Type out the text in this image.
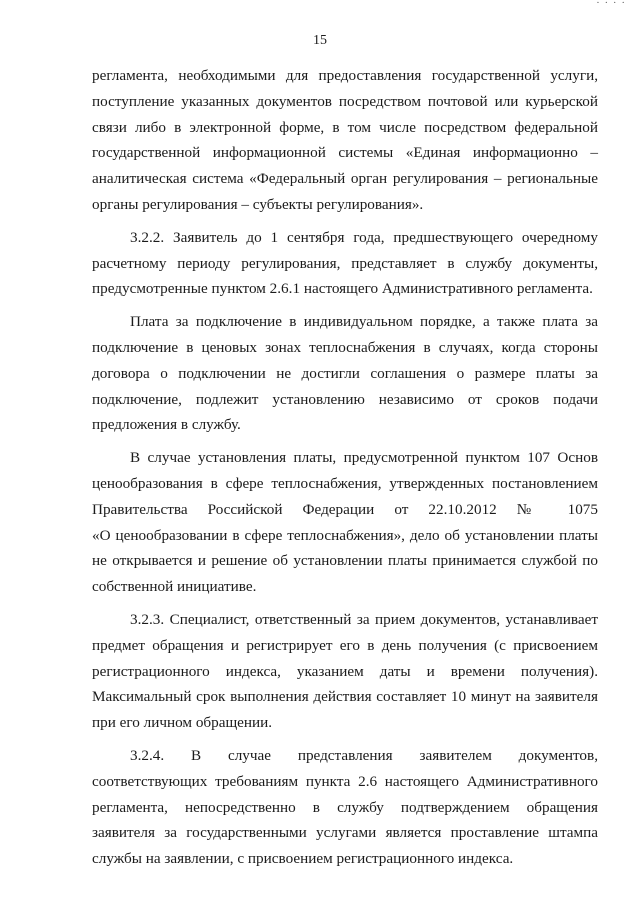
· · · ·
15
регламента, необходимыми для предоставления государственной услуги,
поступление указанных документов посредством почтовой или курьерской
связи либо в электронной форме, в том числе посредством федеральной
государственной информационной системы «Единая информационно –
аналитическая система «Федеральный орган регулирования – региональные
органы регулирования – субъекты регулирования».
3.2.2. Заявитель до 1 сентября года, предшествующего очередному
расчетному периоду регулирования, представляет в службу документы,
предусмотренные пунктом 2.6.1 настоящего Административного регламента.
Плата за подключение в индивидуальном порядке, а также плата за
подключение в ценовых зонах теплоснабжения в случаях, когда стороны
договора о подключении не достигли соглашения о размере платы за
подключение, подлежит установлению независимо от сроков подачи
предложения в службу.
В случае установления платы, предусмотренной пунктом 107 Основ
ценообразования в сфере теплоснабжения, утвержденных постановлением
Правительства Российской Федерации от 22.10.2012 № 1075
«О ценообразовании в сфере теплоснабжения», дело об установлении платы
не открывается и решение об установлении платы принимается службой по
собственной инициативе.
3.2.3. Специалист, ответственный за прием документов, устанавливает
предмет обращения и регистрирует его в день получения (с присвоением
регистрационного индекса, указанием даты и времени получения).
Максимальный срок выполнения действия составляет 10 минут на заявителя
при его личном обращении.
3.2.4. В случае представления заявителем документов,
соответствующих требованиям пункта 2.6 настоящего Административного
регламента, непосредственно в службу подтверждением обращения
заявителя за государственными услугами является проставление штампа
службы на заявлении, с присвоением регистрационного индекса.
